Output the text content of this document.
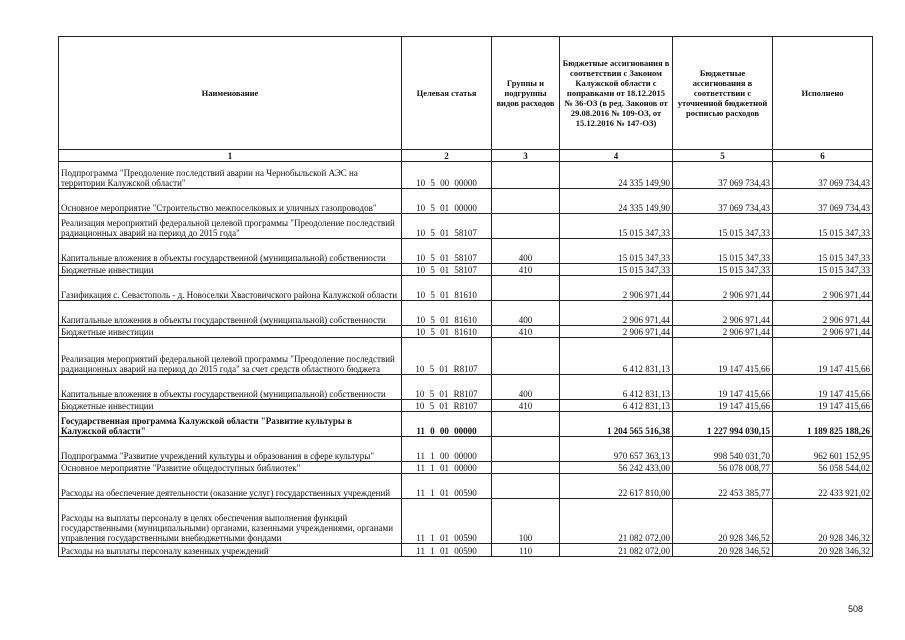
Наименование	Целевая статья	Группы и подгруппы видов расходов	Бюджетные ассигнования в соответствии с Законом Калужской области с поправками от 18.12.2015 № 36-ОЗ (в ред. Законов от 29.08.2016 № 109-ОЗ, от 15.12.2016 № 147-ОЗ)	Бюджетные ассигнования в соответствии с уточненной бюджетной росписью расходов	Исполнено
1	2	3	4	5	6
Подпрограмма "Преодоление последствий аварии на Чернобыльской АЭС на территории Калужской области"	10 5 00 00000		24 335 149,90	37 069 734,43	37 069 734,43
Основное мероприятие "Строительство межпоселковых и уличных газопроводов"	10 5 01 00000		24 335 149,90	37 069 734,43	37 069 734,43
Реализация мероприятий федеральной целевой программы "Преодоление последствий радиационных аварий на период до 2015 года"	10 5 01 58107		15 015 347,33	15 015 347,33	15 015 347,33
Капитальные вложения в объекты государственной (муниципальной) собственности	10 5 01 58107	400	15 015 347,33	15 015 347,33	15 015 347,33
Бюджетные инвестиции	10 5 01 58107	410	15 015 347,33	15 015 347,33	15 015 347,33
Газификация с. Севастополь - д. Новоселки Хвастовичского района Калужской области	10 5 01 81610		2 906 971,44	2 906 971,44	2 906 971,44
Капитальные вложения в объекты государственной (муниципальной) собственности	10 5 01 81610	400	2 906 971,44	2 906 971,44	2 906 971,44
Бюджетные инвестиции	10 5 01 81610	410	2 906 971,44	2 906 971,44	2 906 971,44
Реализация мероприятий федеральной целевой программы "Преодоление последствий радиационных аварий на период до 2015 года" за счет средств областного бюджета	10 5 01 R8107		6 412 831,13	19 147 415,66	19 147 415,66
Капитальные вложения в объекты государственной (муниципальной) собственности	10 5 01 R8107	400	6 412 831,13	19 147 415,66	19 147 415,66
Бюджетные инвестиции	10 5 01 R8107	410	6 412 831,13	19 147 415,66	19 147 415,66
Государственная программа Калужской области "Развитие культуры в Калужской области"	11 0 00 00000		1 204 565 516,38	1 227 994 030,15	1 189 825 188,26
Подпрограмма "Развитие учреждений культуры и образования в сфере культуры"	11 1 00 00000		970 657 363,13	998 540 031,70	962 601 152,95
Основное мероприятие "Развитие общедоступных библиотек"	11 1 01 00000		56 242 433,00	56 078 008,77	56 058 544,02
Расходы на обеспечение деятельности (оказание услуг) государственных учреждений	11 1 01 00590		22 617 810,00	22 453 385,77	22 433 921,02
Расходы на выплаты персоналу в целях обеспечения выполнения функций государственными (муниципальными) органами, казенными учреждениями, органами управления государственными внебюджетными фондами	11 1 01 00590	100	21 082 072,00	20 928 346,52	20 928 346,32
Расходы на выплаты персоналу казенных учреждений	11 1 01 00590	110	21 082 072,00	20 928 346,52	20 928 346,32
508
